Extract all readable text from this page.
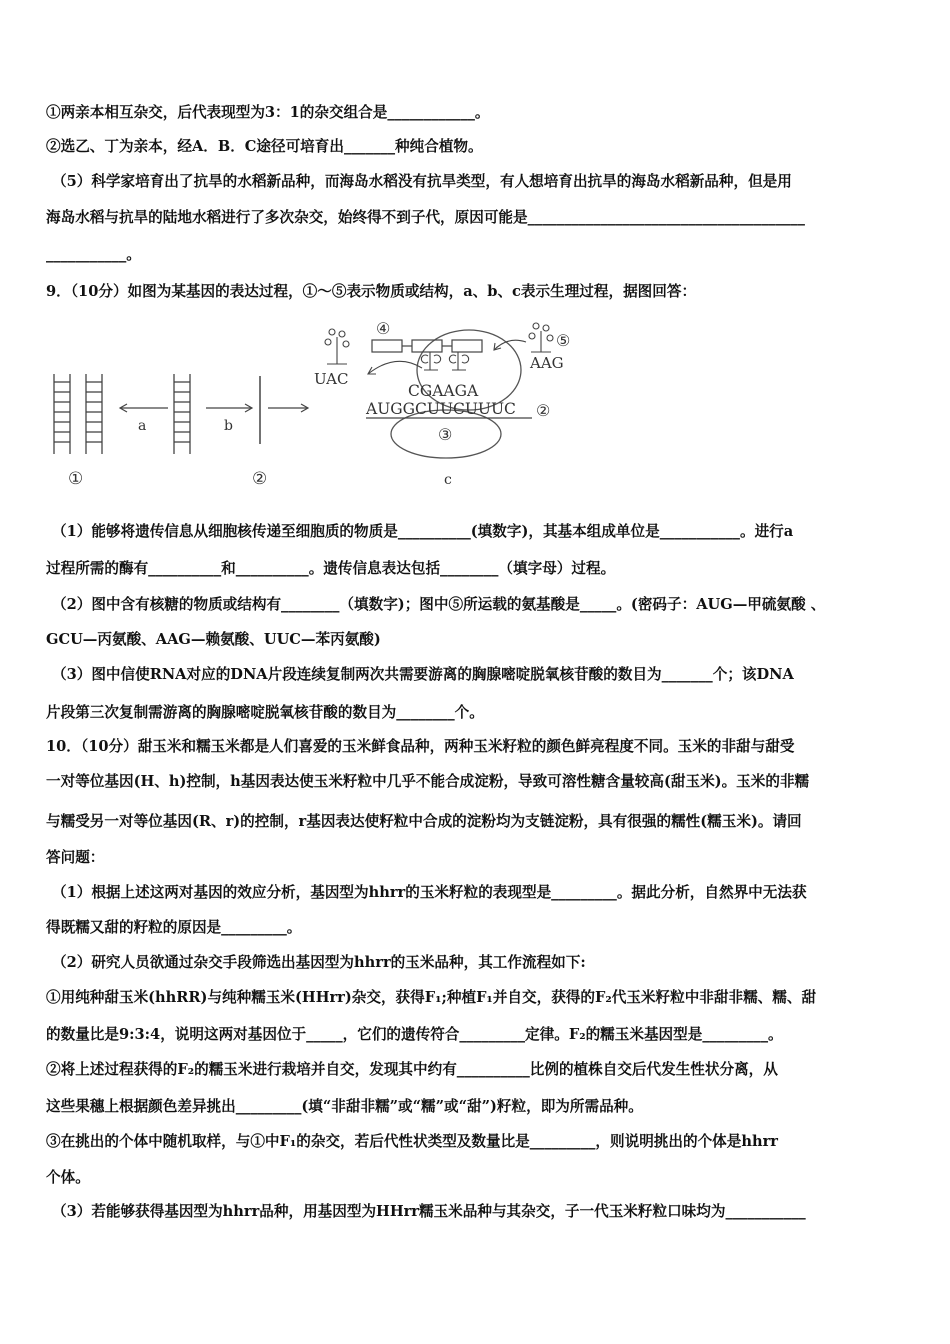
①两亲本相互杂交，后代表现型为3：1的杂交组合是____________。
②选乙、丁为亲本，经A．B．C途径可培育出_______种纯合植物。
（5）科学家培育出了抗旱的水稻新品种，而海岛水稻没有抗旱类型，有人想培育出抗旱的海岛水稻新品种，但是用
海岛水稻与抗旱的陆地水稻进行了多次杂交，始终得不到子代，原因可能是______________________________________
___________。
9．（10分）如图为某基因的表达过程，①～⑤表示物质或结构，a、b、c表示生理过程，据图回答：
①
a	b
②
③
④
UAC
⑤
AAG
CGAAGA
AUGGCUUCUUUC ②
c
（1）能够将遗传信息从细胞核传递至细胞质的物质是__________(填数字)，其基本组成单位是___________。进行a
过程所需的酶有__________和__________。遗传信息表达包括________（填字母）过程。
（2）图中含有核糖的物质或结构有________（填数字)；图中⑤所运载的氨基酸是_____。(密码子：AUG—甲硫氨酸 、
GCU—丙氨酸、AAG—赖氨酸、UUC—苯丙氨酸)
（3）图中信使RNA对应的DNA片段连续复制两次共需要游离的胸腺嘧啶脱氧核苷酸的数目为_______个；该DNA
片段第三次复制需游离的胸腺嘧啶脱氧核苷酸的数目为________个。
10．（10分）甜玉米和糯玉米都是人们喜爱的玉米鲜食品种，两种玉米籽粒的颜色鲜亮程度不同。玉米的非甜与甜受
一对等位基因(H、h)控制，h基因表达使玉米籽粒中几乎不能合成淀粉，导致可溶性糖含量较高(甜玉米)。玉米的非糯
与糯受另一对等位基因(R、r)的控制，r基因表达使籽粒中合成的淀粉均为支链淀粉，具有很强的糯性(糯玉米)。请回
答问题：
（1）根据上述这两对基因的效应分析，基因型为hhrr的玉米籽粒的表现型是_________。据此分析，自然界中无法获
得既糯又甜的籽粒的原因是_________。
（2）研究人员欲通过杂交手段筛选出基因型为hhrr的玉米品种，其工作流程如下:
①用纯种甜玉米(hhRR)与纯种糯玉米(HHrr)杂交，获得F₁;种植F₁并自交，获得的F₂代玉米籽粒中非甜非糯、糯、甜
的数量比是9:3:4，说明这两对基因位于_____，它们的遗传符合_________定律。F₂的糯玉米基因型是_________。
②将上述过程获得的F₂的糯玉米进行栽培并自交，发现其中约有__________比例的植株自交后代发生性状分离，从
这些果穗上根据颜色差异挑出_________(填“非甜非糯”或“糯”或“甜”)籽粒，即为所需品种。
③在挑出的个体中随机取样，与①中F₁的杂交，若后代性状类型及数量比是_________，则说明挑出的个体是hhrr
个体。
（3）若能够获得基因型为hhrr品种，用基因型为HHrr糯玉米品种与其杂交，子一代玉米籽粒口味均为___________
